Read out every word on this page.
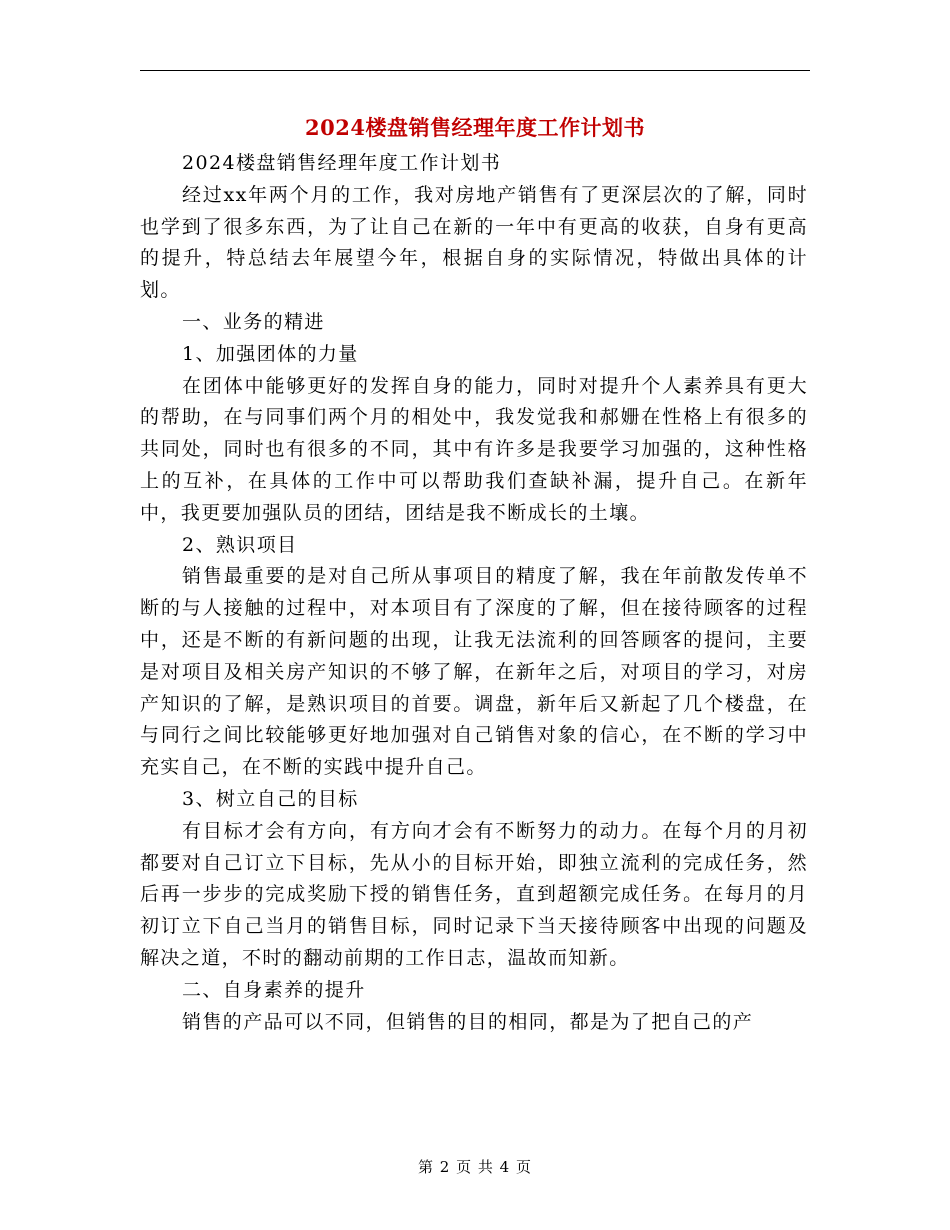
2024楼盘销售经理年度工作计划书

2024楼盘销售经理年度工作计划书

经过xx年两个月的工作，我对房地产销售有了更深层次的了解，同时也学到了很多东西，为了让自己在新的一年中有更高的收获，自身有更高的提升，特总结去年展望今年，根据自身的实际情况，特做出具体的计划。

一、业务的精进

1、加强团体的力量

在团体中能够更好的发挥自身的能力，同时对提升个人素养具有更大的帮助，在与同事们两个月的相处中，我发觉我和郝姗在性格上有很多的共同处，同时也有很多的不同，其中有许多是我要学习加强的，这种性格上的互补，在具体的工作中可以帮助我们查缺补漏，提升自己。在新年中，我更要加强队员的团结，团结是我不断成长的土壤。

2、熟识项目

销售最重要的是对自己所从事项目的精度了解，我在年前散发传单不断的与人接触的过程中，对本项目有了深度的了解，但在接待顾客的过程中，还是不断的有新问题的出现，让我无法流利的回答顾客的提问，主要是对项目及相关房产知识的不够了解，在新年之后，对项目的学习，对房产知识的了解，是熟识项目的首要。调盘，新年后又新起了几个楼盘，在与同行之间比较能够更好地加强对自己销售对象的信心，在不断的学习中充实自己，在不断的实践中提升自己。

3、树立自己的目标

有目标才会有方向，有方向才会有不断努力的动力。在每个月的月初都要对自己订立下目标，先从小的目标开始，即独立流利的完成任务，然后再一步步的完成奖励下授的销售任务，直到超额完成任务。在每月的月初订立下自己当月的销售目标，同时记录下当天接待顾客中出现的问题及解决之道，不时的翻动前期的工作日志，温故而知新。

二、自身素养的提升

销售的产品可以不同，但销售的目的相同，都是为了把自己的产

第 2 页 共 4 页
